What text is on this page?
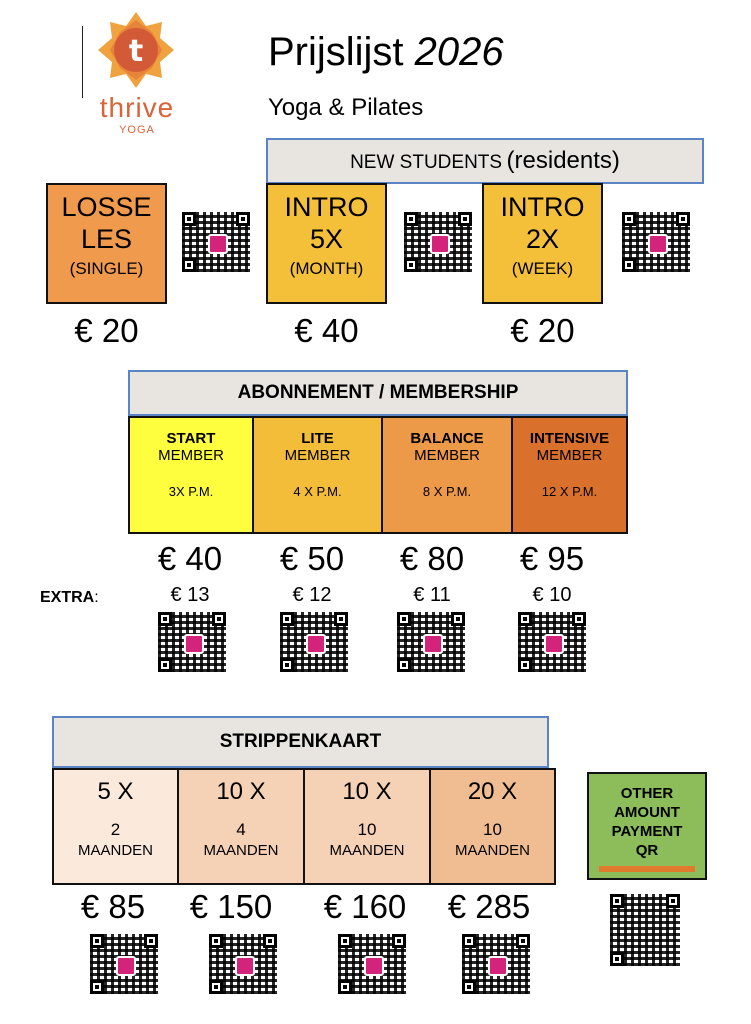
t
thrive
YOGA
Prijslijst 2026
Yoga & Pilates
NEW STUDENTS (residents)
LOSSE
LES
(SINGLE)
€ 20
INTRO
5X
(MONTH)
€ 40
INTRO
2X
(WEEK)
€ 20
ABONNEMENT / MEMBERSHIP
START
MEMBER
3X P.M.
LITE
MEMBER
4 X P.M.
BALANCE
MEMBER
8 X P.M.
INTENSIVE
MEMBER
12 X P.M.
€ 40	€ 50	€ 80	€ 95
EXTRA:	€ 13	€ 12	€ 11	€ 10
STRIPPENKAART
5 X
2
MAANDEN
10 X
4
MAANDEN
10 X
10
MAANDEN
20 X
10
MAANDEN
€ 85	€ 150	€ 160	€ 285
OTHER
AMOUNT
PAYMENT
QR
